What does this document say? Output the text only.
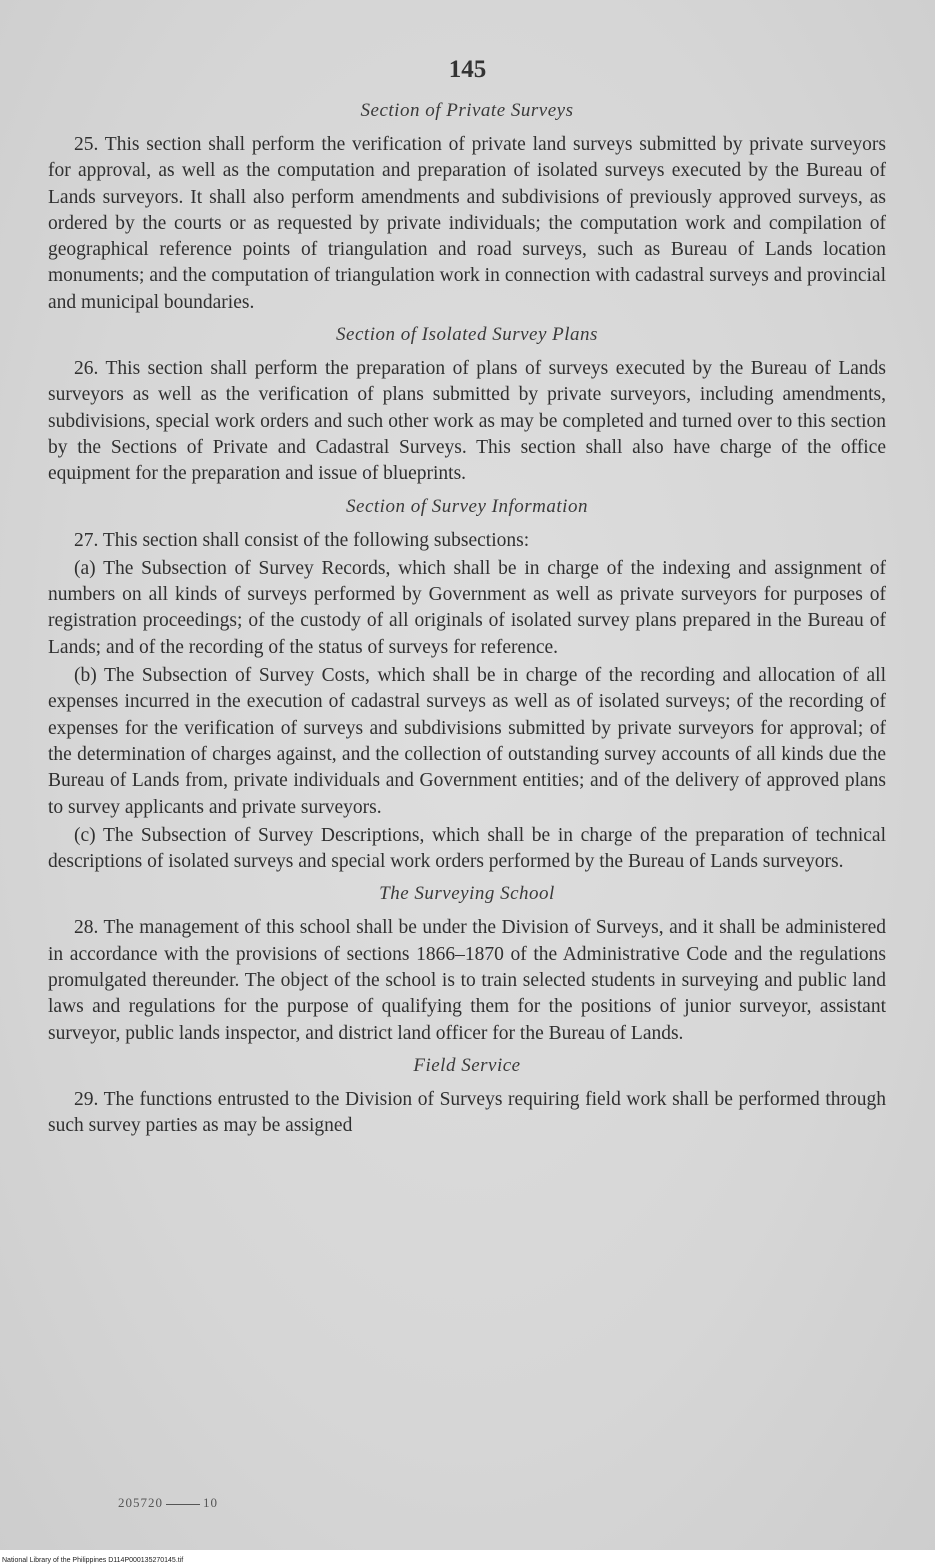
145
Section of Private Surveys

25. This section shall perform the verification of private land surveys submitted by private surveyors for approval, as well as the computation and preparation of isolated surveys executed by the Bureau of Lands surveyors. It shall also perform amendments and subdivisions of previously approved surveys, as ordered by the courts or as requested by private individuals; the computation work and compilation of geographical reference points of triangulation and road surveys, such as Bureau of Lands location monuments; and the computation of triangulation work in connection with cadastral surveys and provincial and municipal boundaries.

Section of Isolated Survey Plans

26. This section shall perform the preparation of plans of surveys executed by the Bureau of Lands surveyors as well as the verification of plans submitted by private surveyors, including amendments, subdivisions, special work orders and such other work as may be completed and turned over to this section by the Sections of Private and Cadastral Surveys. This section shall also have charge of the office equipment for the preparation and issue of blueprints.

Section of Survey Information

27. This section shall consist of the following subsections:

(a) The Subsection of Survey Records, which shall be in charge of the indexing and assignment of numbers on all kinds of surveys performed by Government as well as private surveyors for purposes of registration proceedings; of the custody of all originals of isolated survey plans prepared in the Bureau of Lands; and of the recording of the status of surveys for reference.

(b) The Subsection of Survey Costs, which shall be in charge of the recording and allocation of all expenses incurred in the execution of cadastral surveys as well as of isolated surveys; of the recording of expenses for the verification of surveys and subdivisions submitted by private surveyors for approval; of the determination of charges against, and the collection of outstanding survey accounts of all kinds due the Bureau of Lands from, private individuals and Government entities; and of the delivery of approved plans to survey applicants and private surveyors.

(c) The Subsection of Survey Descriptions, which shall be in charge of the preparation of technical descriptions of isolated surveys and special work orders performed by the Bureau of Lands surveyors.

The Surveying School

28. The management of this school shall be under the Division of Surveys, and it shall be administered in accordance with the provisions of sections 1866–1870 of the Administrative Code and the regulations promulgated thereunder. The object of the school is to train selected students in surveying and public land laws and regulations for the purpose of qualifying them for the positions of junior surveyor, assistant surveyor, public lands inspector, and district land officer for the Bureau of Lands.

Field Service

29. The functions entrusted to the Division of Surveys requiring field work shall be performed through such survey parties as may be assigned

205720	10
National Library of the Philippines D114P000135270145.tif
